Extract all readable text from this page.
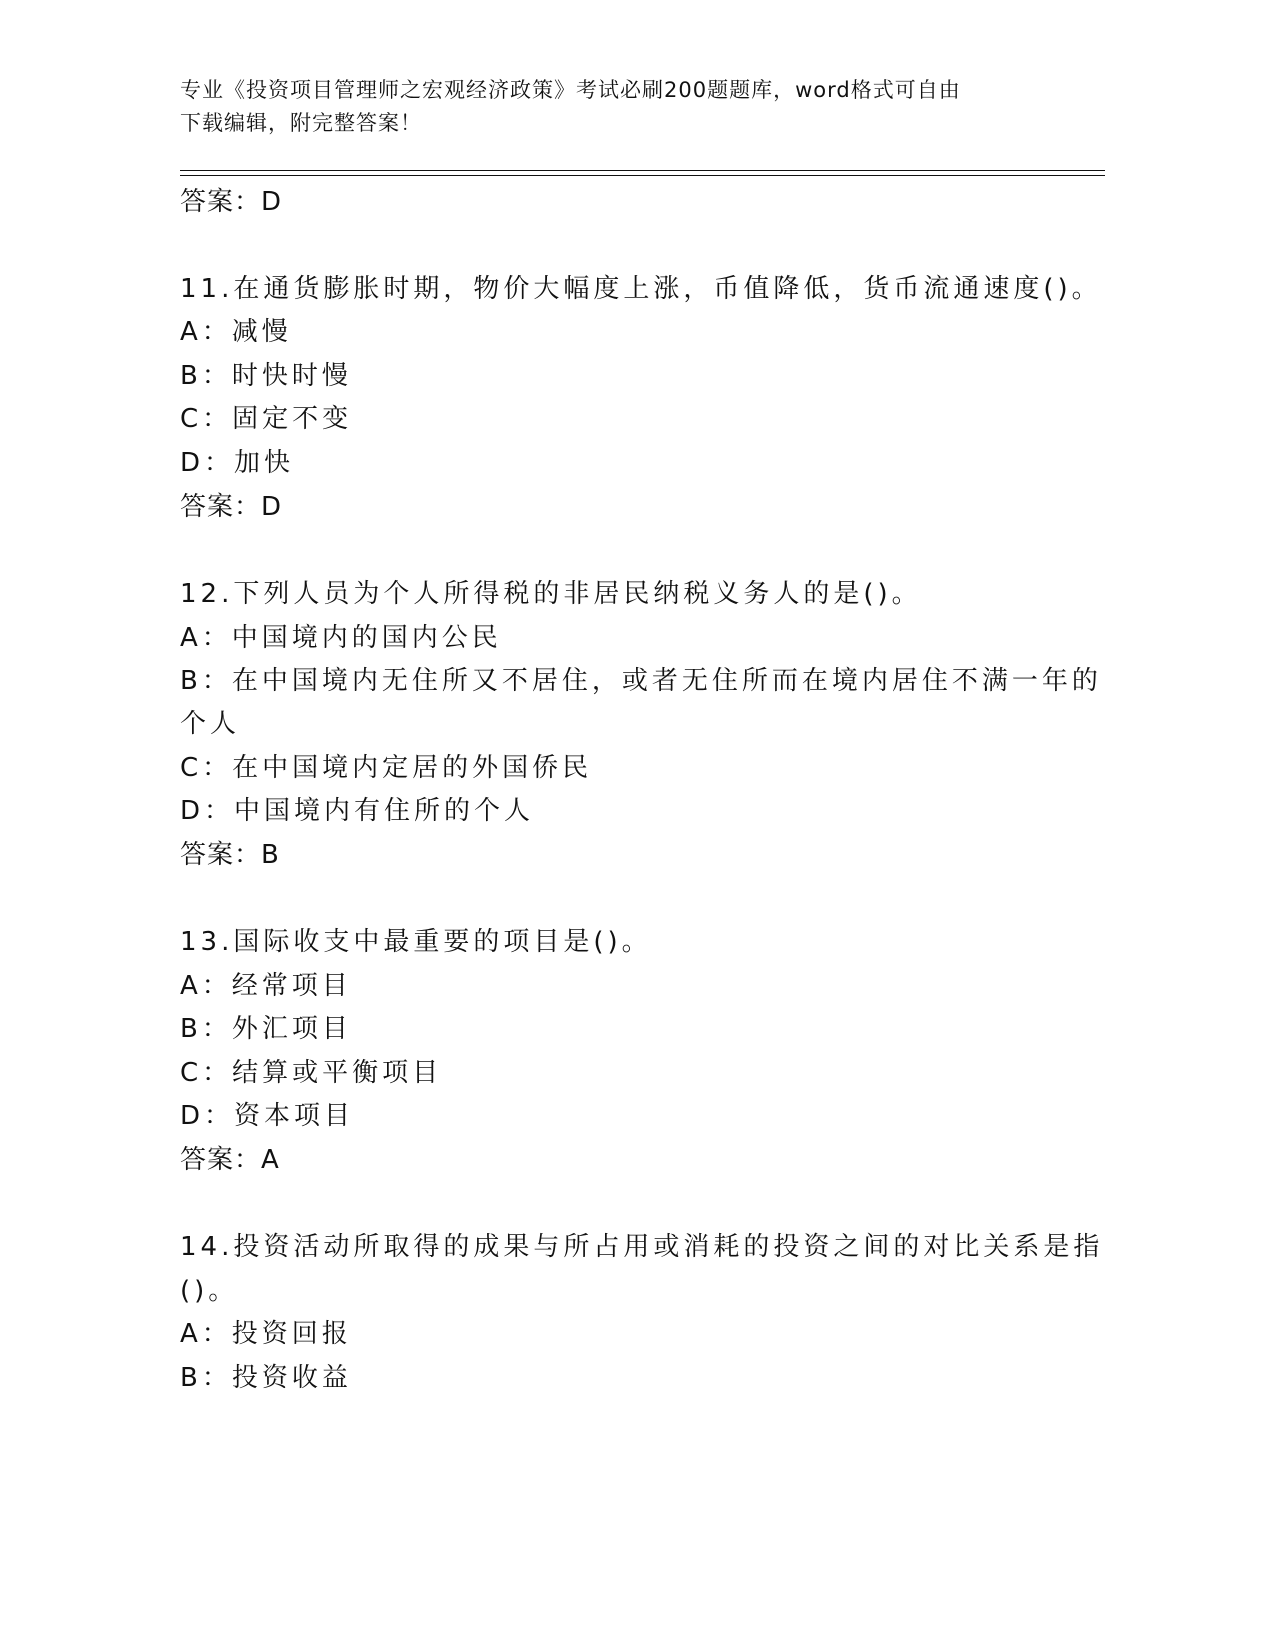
专业《投资项目管理师之宏观经济政策》考试必刷200题题库，word格式可自由
下载编辑，附完整答案！

答案：D

11.在通货膨胀时期，物价大幅度上涨，币值降低，货币流通速度()。

A：减慢

B：时快时慢

C：固定不变

D：加快

答案：D

12.下列人员为个人所得税的非居民纳税义务人的是()。

A：中国境内的国内公民

B：在中国境内无住所又不居住，或者无住所而在境内居住不满一年的

个人

C：在中国境内定居的外国侨民

D：中国境内有住所的个人

答案：B

13.国际收支中最重要的项目是()。

A：经常项目

B：外汇项目

C：结算或平衡项目

D：资本项目

答案：A

14.投资活动所取得的成果与所占用或消耗的投资之间的对比关系是指

()。

A：投资回报

B：投资收益
